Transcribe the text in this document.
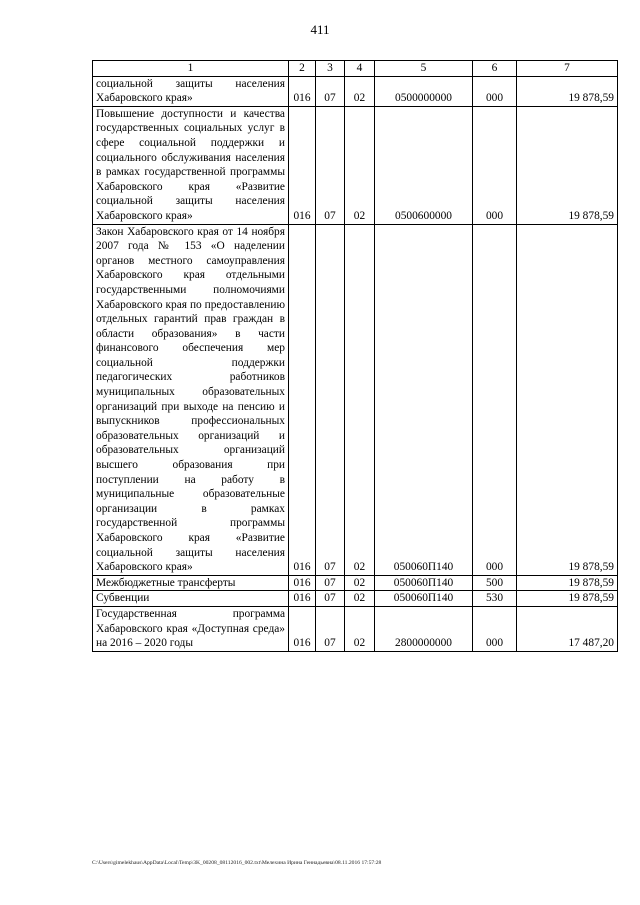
411
1	2	3	4	5	6	7
социальной защиты населения Хабаровского края»	016	07	02	0500000000	000	19 878,59
Повышение доступности и качества государственных социальных услуг в сфере социальной поддержки и социального обслуживания населения в рамках государственной программы Хабаровского края «Развитие социальной защиты населения Хабаровского края»	016	07	02	0500600000	000	19 878,59
Закон Хабаровского края от 14 ноября 2007 года № 153 «О наделении органов местного самоуправления Хабаровского края отдельными государственными полномочиями Хабаровского края по предоставлению отдельных гарантий прав граждан в области образования» в части финансового обеспечения мер социальной поддержки педагогических работников муниципальных образовательных организаций при выходе на пенсию и выпускников профессиональных образовательных организаций и образовательных организаций высшего образования при поступлении на работу в муниципальные образовательные организации в рамках государственной программы Хабаровского края «Развитие социальной защиты населения Хабаровского края»	016	07	02	050060П140	000	19 878,59
Межбюджетные трансферты	016	07	02	050060П140	500	19 878,59
Субвенции	016	07	02	050060П140	530	19 878,59
Государственная программа Хабаровского края «Доступная среда» на 2016 – 2020 годы	016	07	02	2800000000	000	17 487,20
C:\Users\gimelekhaus\AppData\Local\Temp\3K_00208_08112016_002.txt\Мелехина Ирина Геннадьевна\08.11.2016 17:57:28
